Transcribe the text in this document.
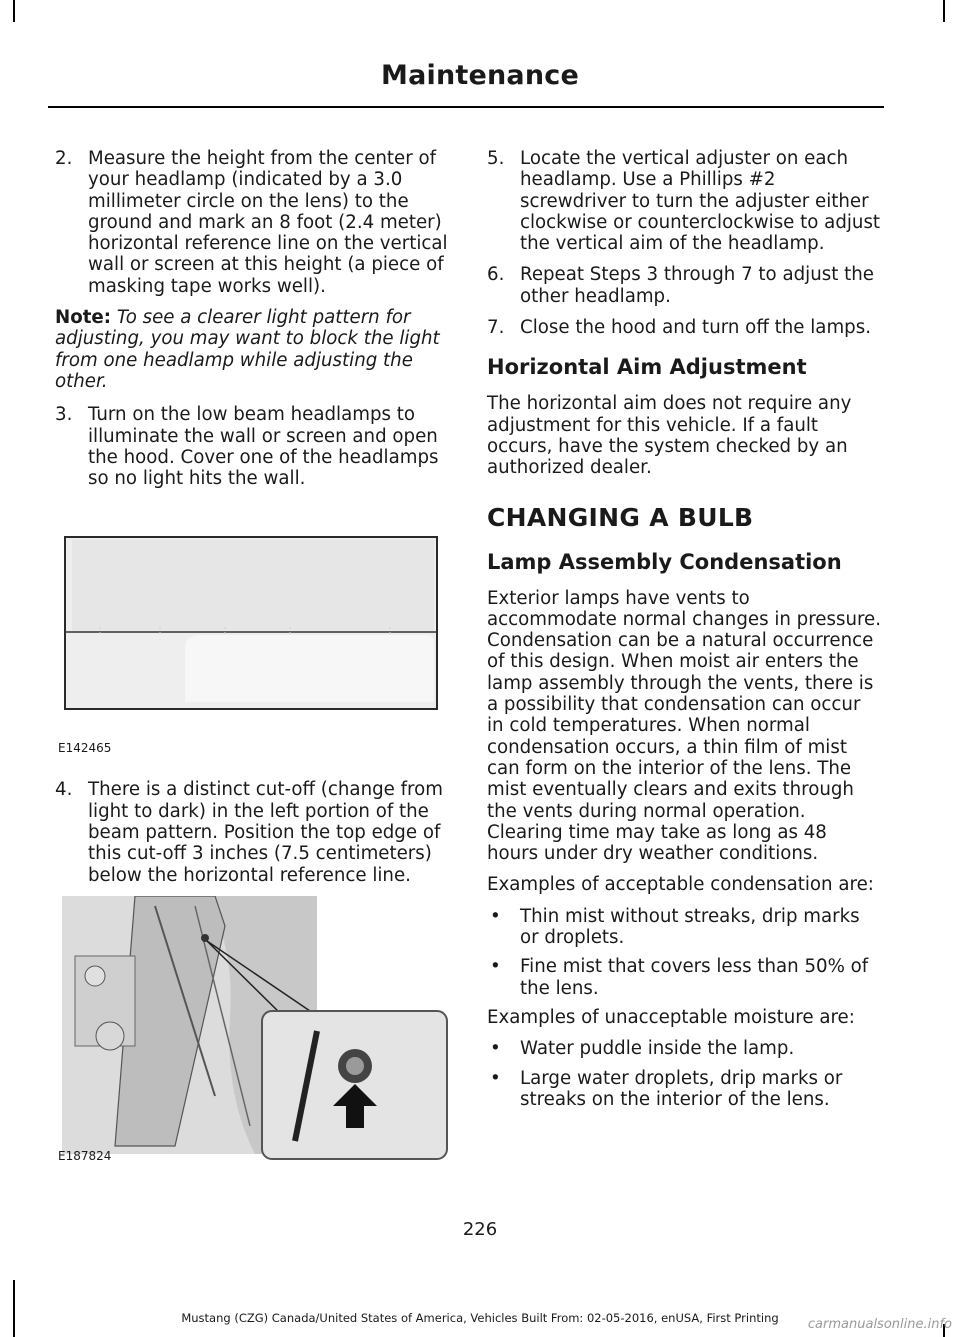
Maintenance
2. Measure the height from the center of your headlamp (indicated by a 3.0 millimeter circle on the lens) to the ground and mark an 8 foot (2.4 meter) horizontal reference line on the vertical wall or screen at this height (a piece of masking tape works well).

Note: To see a clearer light pattern for adjusting, you may want to block the light from one headlamp while adjusting the other.

3. Turn on the low beam headlamps to illuminate the wall or screen and open the hood. Cover one of the headlamps so no light hits the wall.
E142465
4. There is a distinct cut-off (change from light to dark) in the left portion of the beam pattern. Position the top edge of this cut-off 3 inches (7.5 centimeters) below the horizontal reference line.
E187824
5. Locate the vertical adjuster on each headlamp. Use a Phillips #2 screwdriver to turn the adjuster either clockwise or counterclockwise to adjust the vertical aim of the headlamp.
6. Repeat Steps 3 through 7 to adjust the other headlamp.
7. Close the hood and turn off the lamps.
Horizontal Aim Adjustment

The horizontal aim does not require any adjustment for this vehicle. If a fault occurs, have the system checked by an authorized dealer.

CHANGING A BULB
Lamp Assembly Condensation

Exterior lamps have vents to accommodate normal changes in pressure. Condensation can be a natural occurrence of this design. When moist air enters the lamp assembly through the vents, there is a possibility that condensation can occur in cold temperatures. When normal condensation occurs, a thin film of mist can form on the interior of the lens. The mist eventually clears and exits through the vents during normal operation. Clearing time may take as long as 48 hours under dry weather conditions.

Examples of acceptable condensation are:

•	Thin mist without streaks, drip marks or droplets.
•	Fine mist that covers less than 50% of the lens.

Examples of unacceptable moisture are:

•	Water puddle inside the lamp.
•	Large water droplets, drip marks or streaks on the interior of the lens.
226
Mustang (CZG) Canada/United States of America, Vehicles Built From: 02-05-2016, enUSA, First Printing	carmanualsonline.info
